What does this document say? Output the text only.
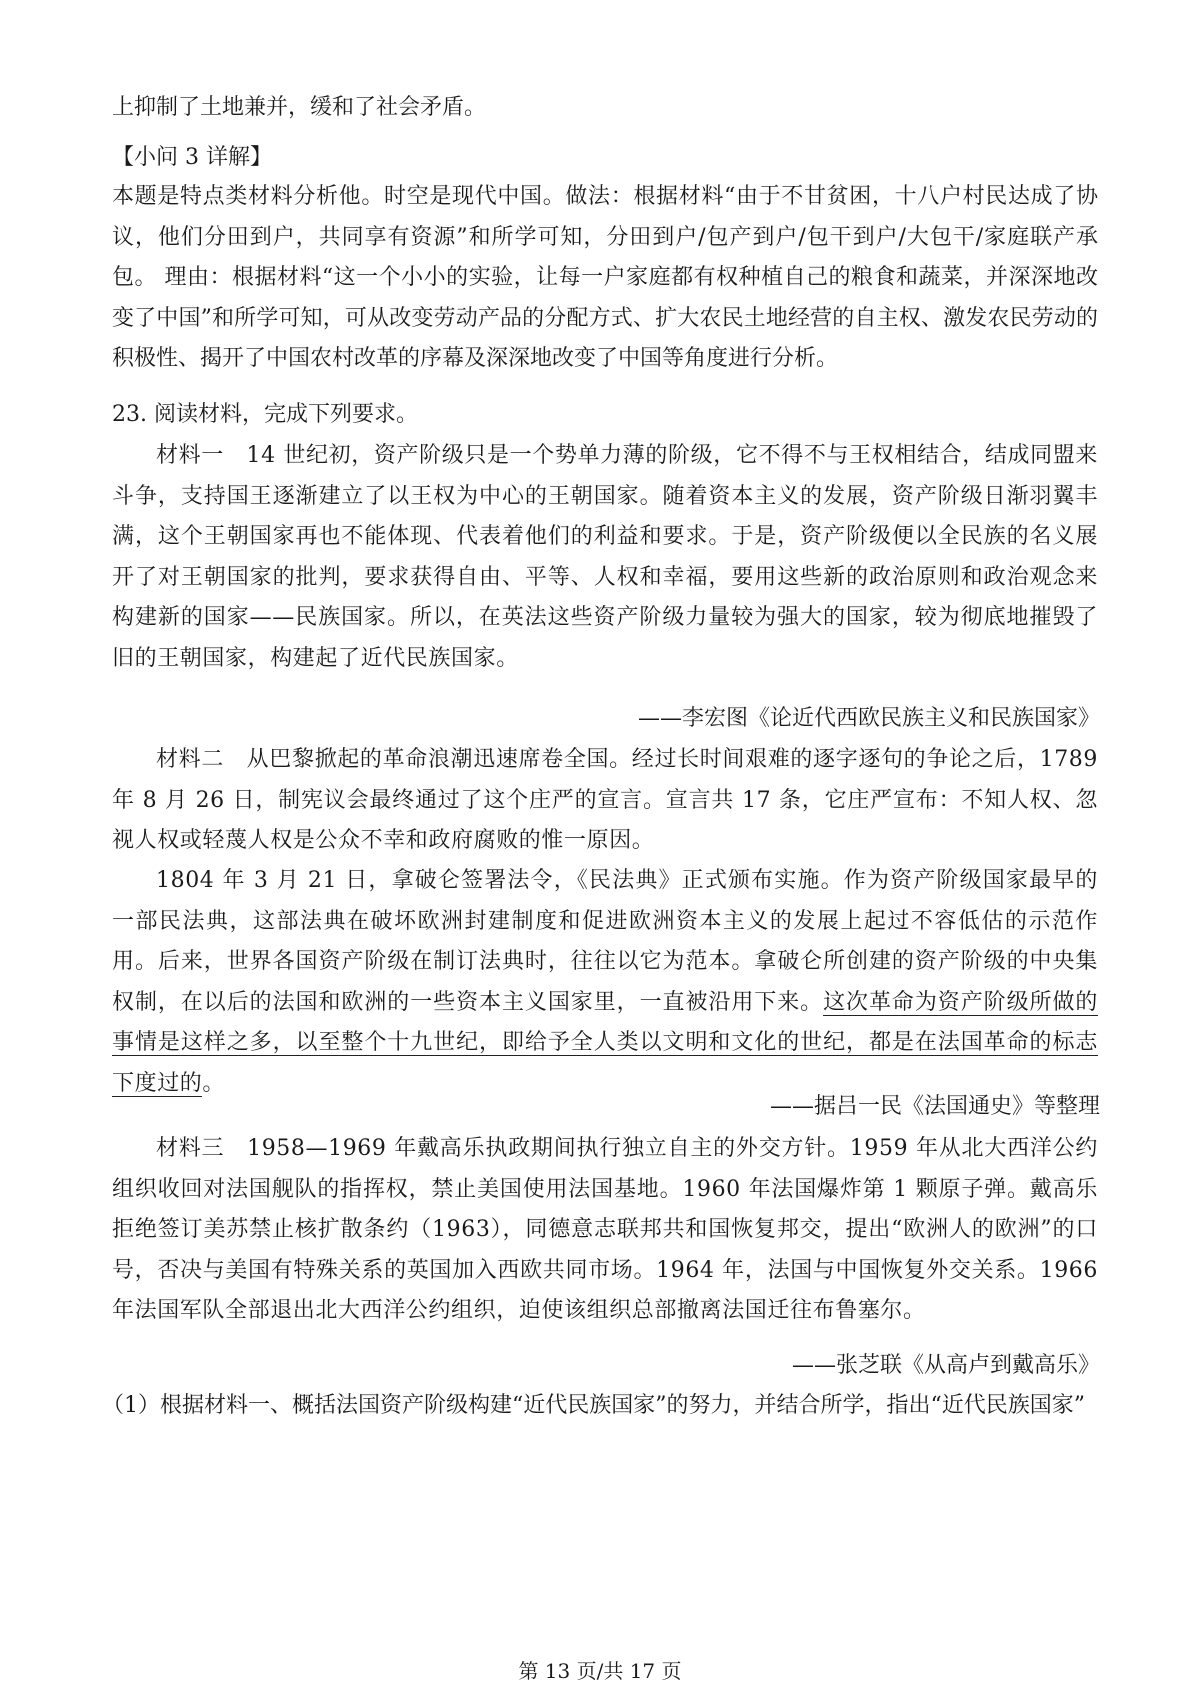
上抑制了土地兼并，缓和了社会矛盾。

【小问 3 详解】

本题是特点类材料分析他。时空是现代中国。做法：根据材料“由于不甘贫困，十八户村民达成了协议，他们分田到户，共同享有资源”和所学可知，分田到户/包产到户/包干到户/大包干/家庭联产承包。 理由：根据材料“这一个小小的实验，让每一户家庭都有权种植自己的粮食和蔬菜，并深深地改变了中国”和所学可知，可从改变劳动产品的分配方式、扩大农民土地经营的自主权、激发农民劳动的积极性、揭开了中国农村改革的序幕及深深地改变了中国等角度进行分析。

23. 阅读材料，完成下列要求。

材料一　14 世纪初，资产阶级只是一个势单力薄的阶级，它不得不与王权相结合，结成同盟来斗争，支持国王逐渐建立了以王权为中心的王朝国家。随着资本主义的发展，资产阶级日渐羽翼丰满，这个王朝国家再也不能体现、代表着他们的利益和要求。于是，资产阶级便以全民族的名义展开了对王朝国家的批判，要求获得自由、平等、人权和幸福，要用这些新的政治原则和政治观念来构建新的国家——民族国家。所以，在英法这些资产阶级力量较为强大的国家，较为彻底地摧毁了旧的王朝国家，构建起了近代民族国家。

——李宏图《论近代西欧民族主义和民族国家》

材料二　从巴黎掀起的革命浪潮迅速席卷全国。经过长时间艰难的逐字逐句的争论之后，1789 年 8 月 26 日，制宪议会最终通过了这个庄严的宣言。宣言共 17 条，它庄严宣布：不知人权、忽视人权或轻蔑人权是公众不幸和政府腐败的惟一原因。

1804 年 3 月 21 日，拿破仑签署法令，《民法典》正式颁布实施。作为资产阶级国家最早的一部民法典，这部法典在破坏欧洲封建制度和促进欧洲资本主义的发展上起过不容低估的示范作用。后来，世界各国资产阶级在制订法典时，往往以它为范本。拿破仑所创建的资产阶级的中央集权制，在以后的法国和欧洲的一些资本主义国家里，一直被沿用下来。这次革命为资产阶级所做的事情是这样之多，以至整个十九世纪，即给予全人类以文明和文化的世纪，都是在法国革命的标志下度过的。

——据吕一民《法国通史》等整理

材料三　1958—1969 年戴高乐执政期间执行独立自主的外交方针。1959 年从北大西洋公约组织收回对法国舰队的指挥权，禁止美国使用法国基地。1960 年法国爆炸第 1 颗原子弹。戴高乐拒绝签订美苏禁止核扩散条约（1963），同德意志联邦共和国恢复邦交，提出“欧洲人的欧洲”的口号，否决与美国有特殊关系的英国加入西欧共同市场。1964 年，法国与中国恢复外交关系。1966 年法国军队全部退出北大西洋公约组织，迫使该组织总部撤离法国迁往布鲁塞尔。

——张芝联《从高卢到戴高乐》

（1）根据材料一、概括法国资产阶级构建“近代民族国家”的努力，并结合所学，指出“近代民族国家”

第 13 页/共 17 页
